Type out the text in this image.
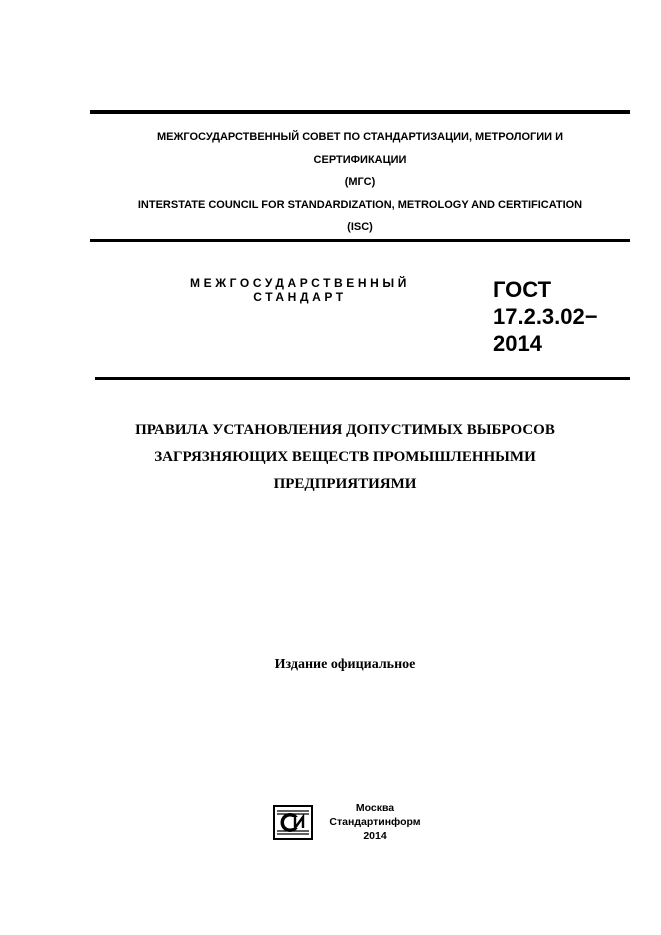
МЕЖГОСУДАРСТВЕННЫЙ СОВЕТ ПО СТАНДАРТИЗАЦИИ, МЕТРОЛОГИИ И
СЕРТИФИКАЦИИ
(МГС)
INTERSTATE COUNCIL FOR STANDARDIZATION, METROLOGY AND CERTIFICATION
(ISC)
МЕЖГОСУДАРСТВЕННЫЙ
СТАНДАРТ	ГОСТ
17.2.3.02−
2014
ПРАВИЛА УСТАНОВЛЕНИЯ ДОПУСТИМЫХ ВЫБРОСОВ
ЗАГРЯЗНЯЮЩИХ ВЕЩЕСТВ ПРОМЫШЛЕННЫМИ
ПРЕДПРИЯТИЯМИ
Издание официальное
Москва
Стандартинформ
2014
